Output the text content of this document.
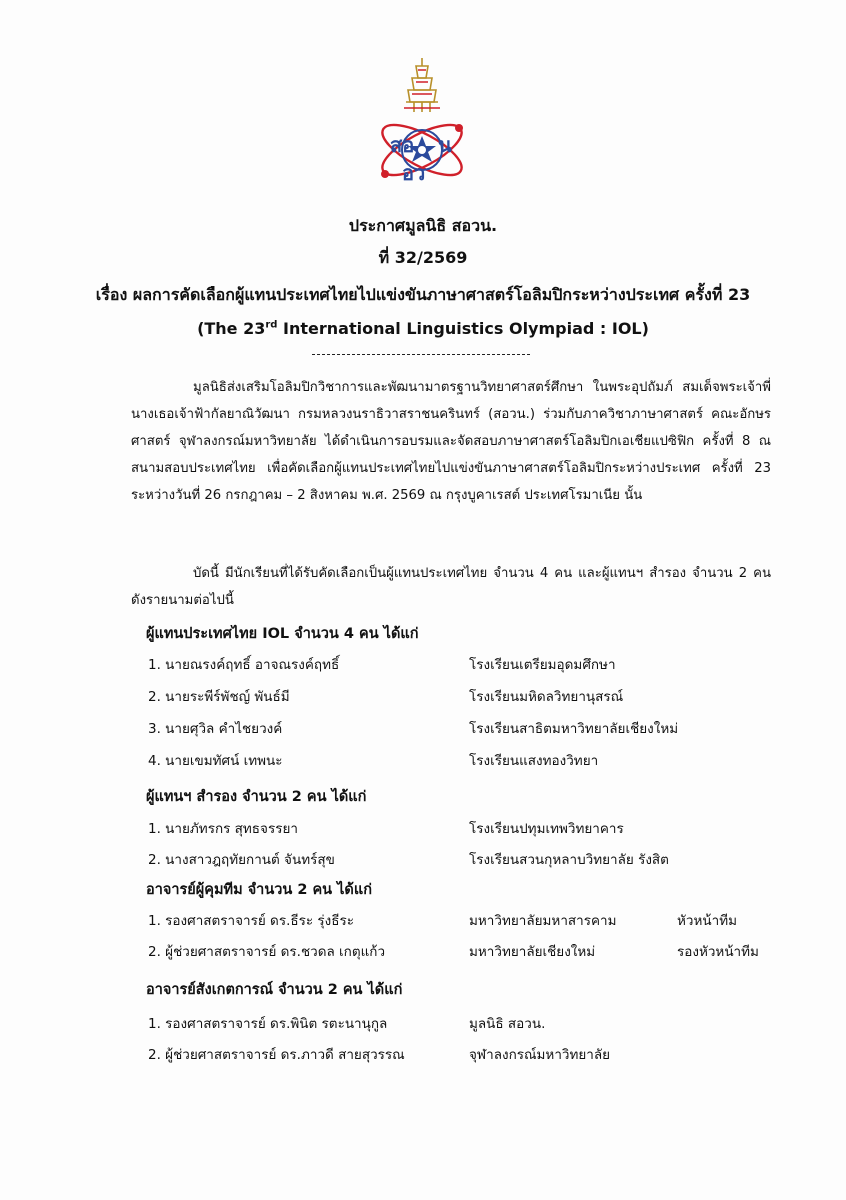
สอ น
อว
ประกาศมูลนิธิ สอวน.
ที่ 32/2569
เรื่อง ผลการคัดเลือกผู้แทนประเทศไทยไปแข่งขันภาษาศาสตร์โอลิมปิกระหว่างประเทศ ครั้งที่ 23
(The 23rd International Linguistics Olympiad : IOL)
มูลนิธิส่งเสริมโอลิมปิกวิชาการและพัฒนามาตรฐานวิทยาศาสตร์ศึกษา ในพระอุปถัมภ์ สมเด็จพระเจ้าพี่นางเธอเจ้าฟ้ากัลยาณิวัฒนา กรมหลวงนราธิวาสราชนครินทร์ (สอวน.) ร่วมกับภาควิชาภาษาศาสตร์ คณะอักษรศาสตร์ จุฬาลงกรณ์มหาวิทยาลัย ได้ดำเนินการอบรมและจัดสอบภาษาศาสตร์โอลิมปิกเอเชียแปซิฟิก ครั้งที่ 8 ณ สนามสอบประเทศไทย เพื่อคัดเลือกผู้แทนประเทศไทยไปแข่งขันภาษาศาสตร์โอลิมปิกระหว่างประเทศ ครั้งที่ 23 ระหว่างวันที่ 26 กรกฎาคม – 2 สิงหาคม พ.ศ. 2569 ณ กรุงบูคาเรสต์ ประเทศโรมาเนีย นั้น
บัดนี้ มีนักเรียนที่ได้รับคัดเลือกเป็นผู้แทนประเทศไทย จำนวน 4 คน และผู้แทนฯ สำรอง จำนวน 2 คน ดังรายนามต่อไปนี้
ผู้แทนประเทศไทย IOL จำนวน 4 คน ได้แก่
1. นายณรงค์ฤทธิ์ อาจณรงค์ฤทธิ์	โรงเรียนเตรียมอุดมศึกษา
2. นายระพีร์พัชญ์ พันธ์มี	โรงเรียนมหิดลวิทยานุสรณ์
3. นายศุวิล คำไชยวงค์	โรงเรียนสาธิตมหาวิทยาลัยเชียงใหม่
4. นายเขมทัศน์ เทพนะ	โรงเรียนแสงทองวิทยา
ผู้แทนฯ สำรอง จำนวน 2 คน ได้แก่
1. นายภัทรกร สุทธจรรยา	โรงเรียนปทุมเทพวิทยาคาร
2. นางสาวฎฤทัยกานต์ จันทร์สุข	โรงเรียนสวนกุหลาบวิทยาลัย รังสิต
อาจารย์ผู้คุมทีม จำนวน 2 คน ได้แก่
1. รองศาสตราจารย์ ดร.ธีระ รุ่งธีระ	มหาวิทยาลัยมหาสารคาม	หัวหน้าทีม
2. ผู้ช่วยศาสตราจารย์ ดร.ชวดล เกตุแก้ว	มหาวิทยาลัยเชียงใหม่	รองหัวหน้าทีม
อาจารย์สังเกตการณ์ จำนวน 2 คน ได้แก่
1. รองศาสตราจารย์ ดร.พินิต รตะนานุกูล	มูลนิธิ สอวน.
2. ผู้ช่วยศาสตราจารย์ ดร.ภาวดี สายสุวรรณ	จุฬาลงกรณ์มหาวิทยาลัย
